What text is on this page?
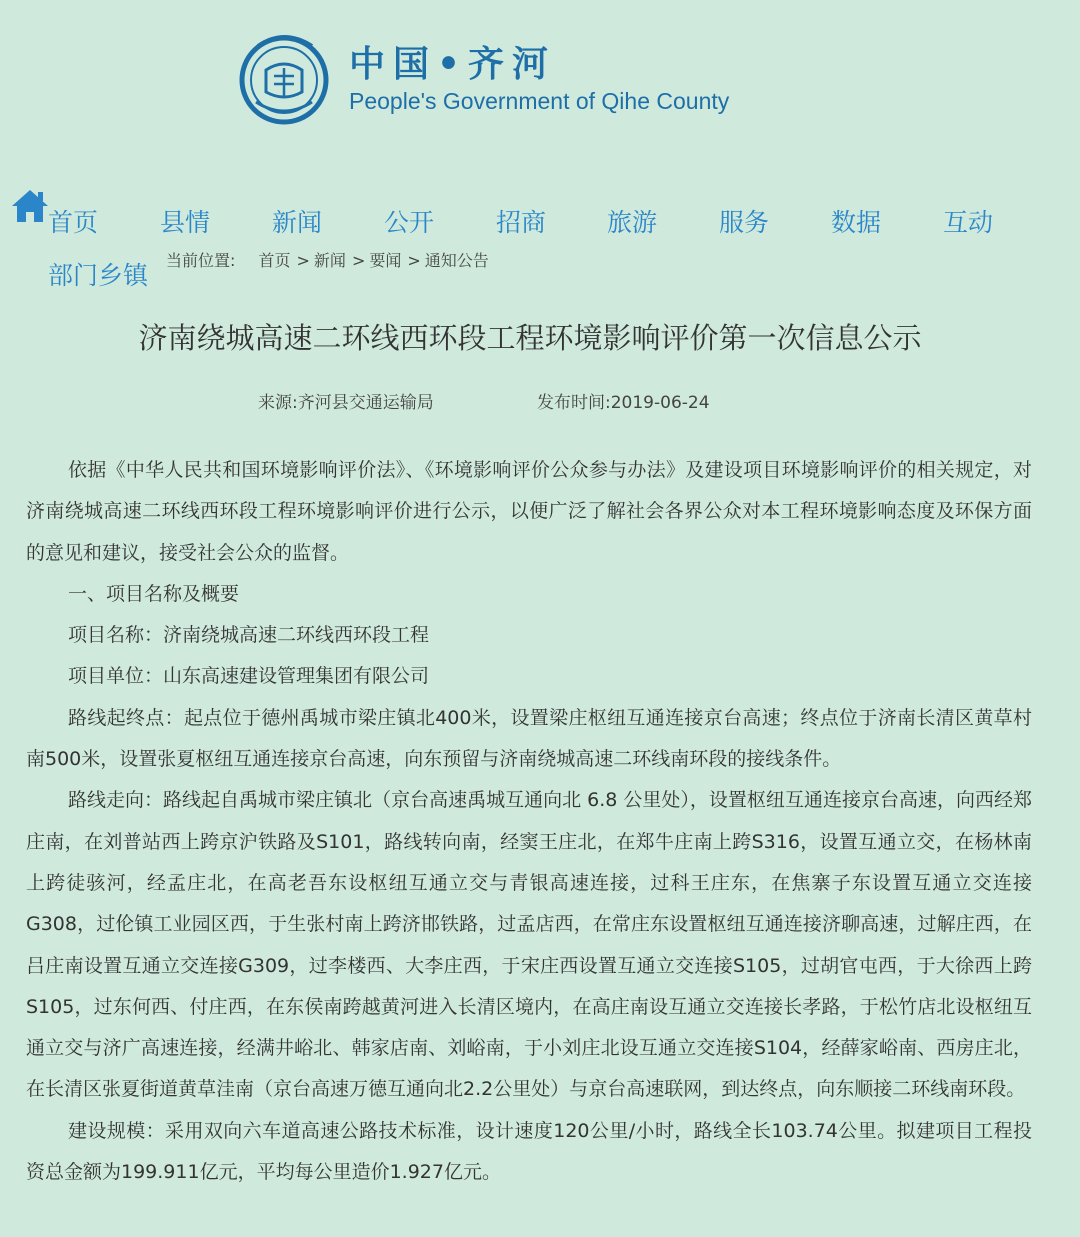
中国•齐河
People's Government of Qihe County
首页 县情 新闻 公开 招商 旅游 服务 数据 互动
部门乡镇
当前位置: 首页 > 新闻 > 要闻 > 通知公告
济南绕城高速二环线西环段工程环境影响评价第一次信息公示
来源:齐河县交通运输局	发布时间:2019-06-24

依据《中华人民共和国环境影响评价法》、《环境影响评价公众参与办法》及建设项目环境影响评价的相关规定，对济南绕城高速二环线西环段工程环境影响评价进行公示，以便广泛了解社会各界公众对本工程环境影响态度及环保方面的意见和建议，接受社会公众的监督。

一、项目名称及概要

项目名称：济南绕城高速二环线西环段工程

项目单位：山东高速建设管理集团有限公司

路线起终点：起点位于德州禹城市梁庄镇北400米，设置梁庄枢纽互通连接京台高速；终点位于济南长清区黄草村南500米，设置张夏枢纽互通连接京台高速，向东预留与济南绕城高速二环线南环段的接线条件。

路线走向：路线起自禹城市梁庄镇北（京台高速禹城互通向北 6.8 公里处），设置枢纽互通连接京台高速，向西经郑庄南，在刘普站西上跨京沪铁路及S101，路线转向南，经窦王庄北，在郑牛庄南上跨S316，设置互通立交，在杨林南上跨徒骇河，经孟庄北，在高老吾东设枢纽互通立交与青银高速连接，过科王庄东，在焦寨子东设置互通立交连接G308，过伦镇工业园区西，于生张村南上跨济邯铁路，过孟店西，在常庄东设置枢纽互通连接济聊高速，过解庄西，在吕庄南设置互通立交连接G309，过李楼西、大李庄西，于宋庄西设置互通立交连接S105，过胡官屯西，于大徐西上跨S105，过东何西、付庄西，在东侯南跨越黄河进入长清区境内，在高庄南设互通立交连接长孝路，于松竹店北设枢纽互通立交与济广高速连接，经满井峪北、韩家店南、刘峪南，于小刘庄北设互通立交连接S104，经薛家峪南、西房庄北，在长清区张夏街道黄草洼南（京台高速万德互通向北2.2公里处）与京台高速联网，到达终点，向东顺接二环线南环段。

建设规模：采用双向六车道高速公路技术标准，设计速度120公里/小时，路线全长103.74公里。拟建项目工程投资总金额为199.911亿元，平均每公里造价1.927亿元。
